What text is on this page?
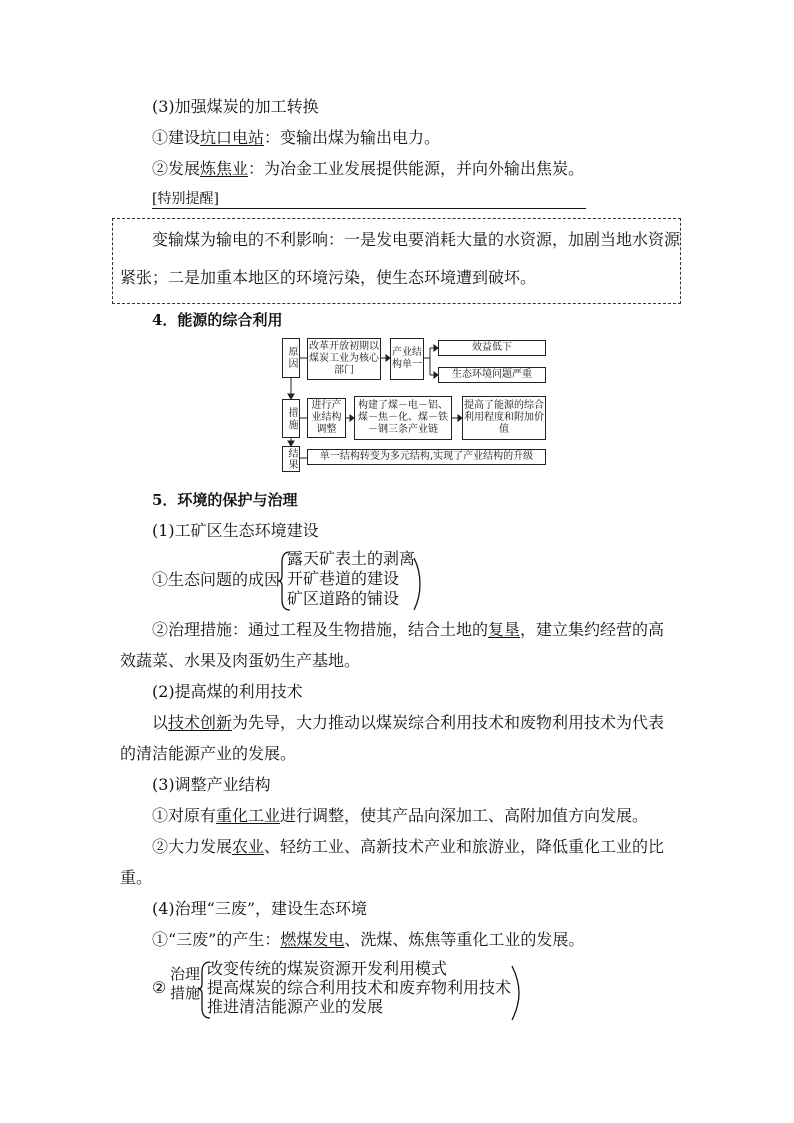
(3)加强煤炭的加工转换
①建设坑口电站：变输出煤为输出电力。
②发展炼焦业：为冶金工业发展提供能源，并向外输出焦炭。
[特别提醒]
变输煤为输电的不利影响：一是发电要消耗大量的水资源，加剧当地水资源
紧张；二是加重本地区的环境污染，使生态环境遭到破坏。
4．能源的综合利用
原因	改革开放初期以煤炭工业为核心部门
产业结构单一
效益低下
生态环境问题严重
措施
进行产业结构调整
构建了煤－电－铝、煤－焦－化、煤－铁－钢三条产业链
提高了能源的综合利用程度和附加价值
结果	单一结构转变为多元结构,实现了产业结构的升级
5．环境的保护与治理
(1)工矿区生态环境建设
①生态问题的成因
露天矿表土的剥离
开矿巷道的建设
矿区道路的铺设
②治理措施：通过工程及生物措施，结合土地的复垦，建立集约经营的高
效蔬菜、水果及肉蛋奶生产基地。
(2)提高煤的利用技术
以技术创新为先导，大力推动以煤炭综合利用技术和废物利用技术为代表
的清洁能源产业的发展。
(3)调整产业结构
①对原有重化工业进行调整，使其产品向深加工、高附加值方向发展。
②大力发展农业、轻纺工业、高新技术产业和旅游业，降低重化工业的比
重。
(4)治理“三废”，建设生态环境
①“三废”的产生：燃煤发电、洗煤、炼焦等重化工业的发展。
②
治理
措施
改变传统的煤炭资源开发利用模式
提高煤炭的综合利用技术和废弃物利用技术
推进清洁能源产业的发展
